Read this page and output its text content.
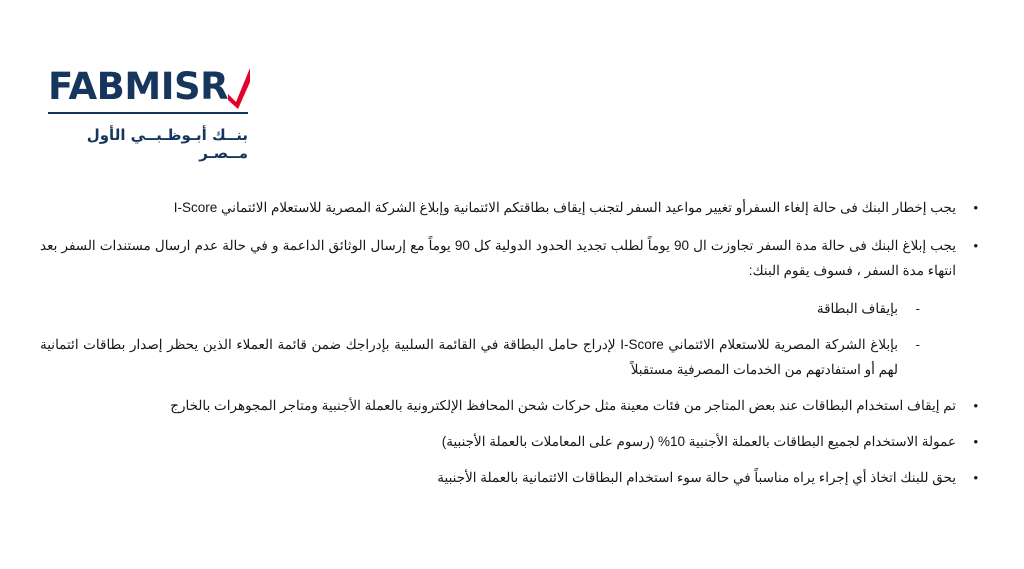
FAB MISR
بنــك أبـوظـبــي الأول مــصـر
•
يجب إخطار البنك فى حالة إلغاء السفرأو تغيير مواعيد السفر لتجنب إيقاف بطاقتكم الائتمانية وإبلاغ الشركة المصرية للاستعلام الائتماني I-Score
•
يجب إبلاغ البنك فى حالة مدة السفر تجاوزت ال 90 يوماً لطلب تجديد الحدود الدولية كل 90 يوماً مع إرسال الوثائق الداعمة و في حالة عدم ارسال مستندات السفر بعد انتهاء مدة السفر ، فسوف يقوم البنك:
-
بإيقاف البطاقة
-
بإبلاغ الشركة المصرية للاستعلام الائتماني I-Score لإدراج حامل البطاقة في القائمة السلبية بإدراجك ضمن قائمة العملاء الذين يحظر إصدار بطاقات ائتمانية لهم أو استفادتهم من الخدمات المصرفية مستقبلاً
•
تم إيقاف استخدام البطاقات عند بعض المتاجر من فئات معينة مثل حركات شحن المحافظ الإلكترونية بالعملة الأجنبية ومتاجر المجوهرات بالخارج
•
عمولة الاستخدام لجميع البطاقات بالعملة الأجنبية 10% (رسوم على المعاملات بالعملة الأجنبية)
•
يحق للبنك اتخاذ أي إجراء يراه مناسباً في حالة سوء استخدام البطاقات الائتمانية بالعملة الأجنبية
